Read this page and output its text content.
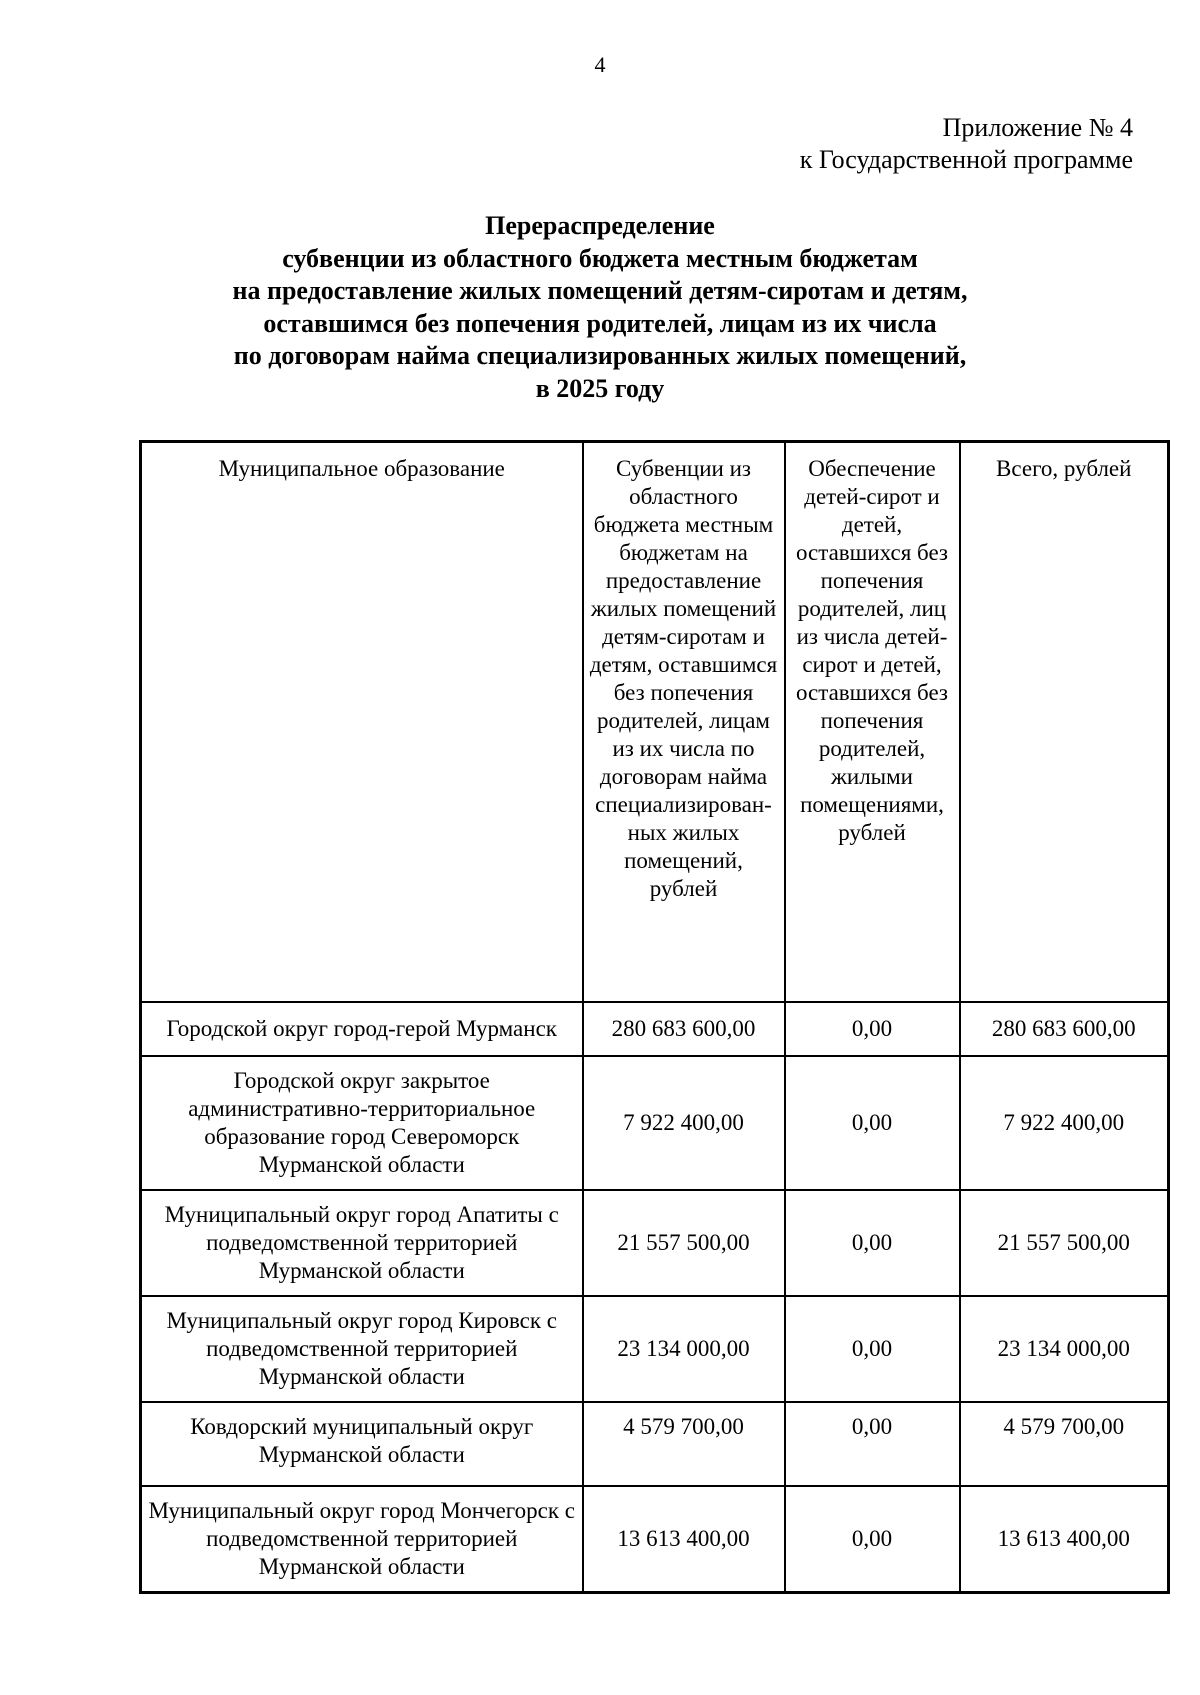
4
Приложение № 4
к Государственной программе
Перераспределение
субвенции из областного бюджета местным бюджетам
на предоставление жилых помещений детям-сиротам и детям,
оставшимся без попечения родителей, лицам из их числа
по договорам найма специализированных жилых помещений,
в 2025 году
Муниципальное образование	Субвенции из областного бюджета местным бюджетам на предоставление жилых помещений детям-сиротам и детям, оставшимся без попечения родителей, лицам из их числа по договорам найма специализирован-ных жилых помещений, рублей	Обеспечение детей-сирот и детей, оставшихся без попечения родителей, лиц из числа детей-сирот и детей, оставшихся без попечения родителей, жилыми помещениями, рублей	Всего, рублей
Городской округ город-герой Мурманск	280 683 600,00	0,00	280 683 600,00
Городской округ закрытое административно-территориальное образование город Североморск Мурманской области	7 922 400,00	0,00	7 922 400,00
Муниципальный округ город Апатиты с подведомственной территорией Мурманской области	21 557 500,00	0,00	21 557 500,00
Муниципальный округ город Кировск с подведомственной территорией Мурманской области	23 134 000,00	0,00	23 134 000,00
Ковдорский муниципальный округ Мурманской области	4 579 700,00	0,00	4 579 700,00
Муниципальный округ город Мончегорск с подведомственной территорией Мурманской области	13 613 400,00	0,00	13 613 400,00
